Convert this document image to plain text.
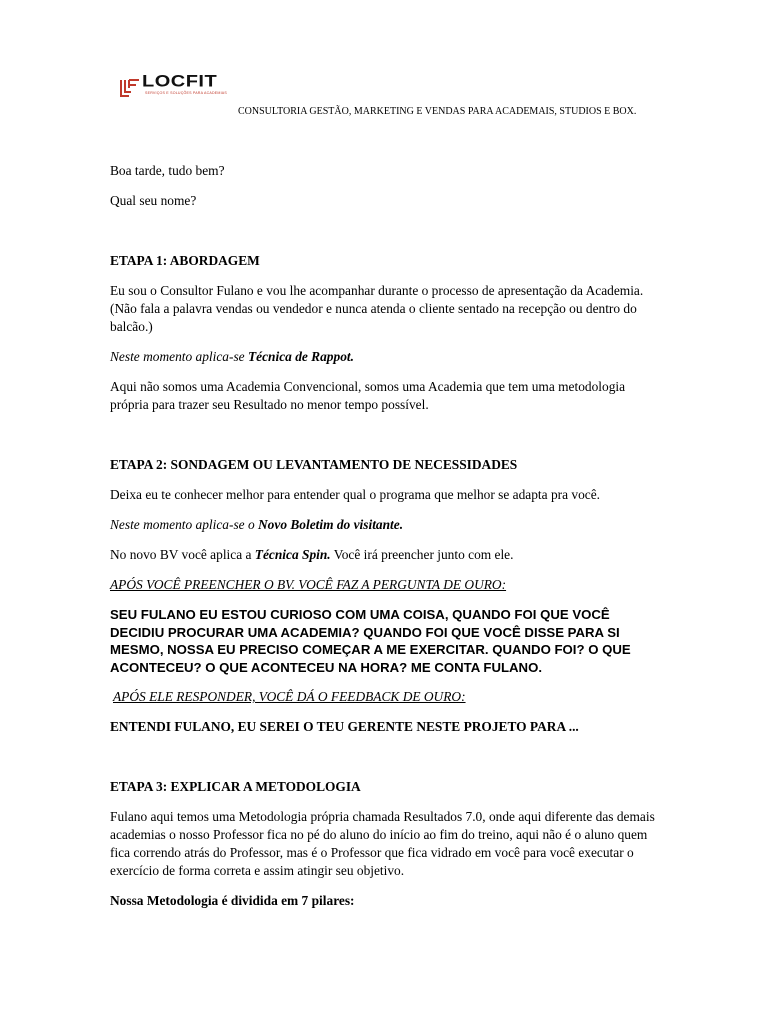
LOCFIT
SERVIÇOS E SOLUÇÕES PARA ACADEMIAS
CONSULTORIA GESTÃO, MARKETING E VENDAS PARA ACADEMAIS, STUDIOS E BOX.

Boa tarde, tudo bem?

Qual seu nome?

ETAPA 1: ABORDAGEM

Eu sou o Consultor Fulano e vou lhe acompanhar durante o processo de apresentação da Academia. (Não fala a palavra vendas ou vendedor e nunca atenda o cliente sentado na recepção ou dentro do balcão.)

Neste momento aplica-se Técnica de Rappot.

Aqui não somos uma Academia Convencional, somos uma Academia que tem uma metodologia própria para trazer seu Resultado no menor tempo possível.

ETAPA 2: SONDAGEM OU LEVANTAMENTO DE NECESSIDADES

Deixa eu te conhecer melhor para entender qual o programa que melhor se adapta pra você.

Neste momento aplica-se o Novo Boletim do visitante.

No novo BV você aplica a Técnica Spin. Você irá preencher junto com ele.

APÓS VOCÊ PREENCHER O BV. VOCÊ FAZ A PERGUNTA DE OURO:

SEU FULANO EU ESTOU CURIOSO COM UMA COISA, QUANDO FOI QUE VOCÊ DECIDIU PROCURAR UMA ACADEMIA? QUANDO FOI QUE VOCÊ DISSE PARA SI MESMO, NOSSA EU PRECISO COMEÇAR A ME EXERCITAR. QUANDO FOI? O QUE ACONTECEU? O QUE ACONTECEU NA HORA? ME CONTA FULANO.

APÓS ELE RESPONDER, VOCÊ DÁ O FEEDBACK DE OURO:

ENTENDI FULANO, EU SEREI O TEU GERENTE NESTE PROJETO PARA ...

ETAPA 3: EXPLICAR A METODOLOGIA

Fulano aqui temos uma Metodologia própria chamada Resultados 7.0, onde aqui diferente das demais academias o nosso Professor fica no pé do aluno do início ao fim do treino, aqui não é o aluno quem fica correndo atrás do Professor, mas é o Professor que fica vidrado em você para você executar o exercício de forma correta e assim atingir seu objetivo.

Nossa Metodologia é dividida em 7 pilares:
